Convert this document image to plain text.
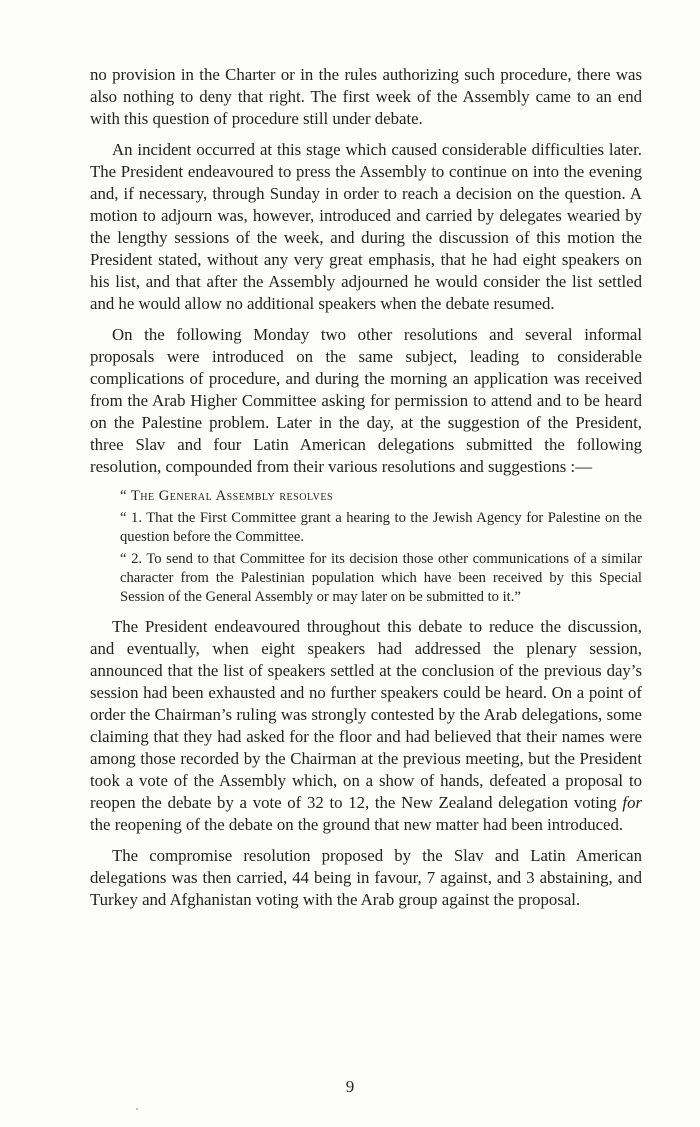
no provision in the Charter or in the rules authorizing such procedure, there was also nothing to deny that right. The first week of the Assembly came to an end with this question of procedure still under debate.

An incident occurred at this stage which caused considerable difficulties later. The President endeavoured to press the Assembly to continue on into the evening and, if necessary, through Sunday in order to reach a decision on the question. A motion to adjourn was, however, introduced and carried by delegates wearied by the lengthy sessions of the week, and during the discussion of this motion the President stated, without any very great emphasis, that he had eight speakers on his list, and that after the Assembly adjourned he would consider the list settled and he would allow no additional speakers when the debate resumed.

On the following Monday two other resolutions and several informal proposals were introduced on the same subject, leading to considerable complications of procedure, and during the morning an application was received from the Arab Higher Committee asking for permission to attend and to be heard on the Palestine problem. Later in the day, at the suggestion of the President, three Slav and four Latin American delegations submitted the following resolution, compounded from their various resolutions and suggestions :—

“ The General Assembly resolves

“ 1. That the First Committee grant a hearing to the Jewish Agency for Palestine on the question before the Committee.

“ 2. To send to that Committee for its decision those other communications of a similar character from the Palestinian population which have been received by this Special Session of the General Assembly or may later on be submitted to it.”

The President endeavoured throughout this debate to reduce the discussion, and eventually, when eight speakers had addressed the plenary session, announced that the list of speakers settled at the conclusion of the previous day’s session had been exhausted and no further speakers could be heard. On a point of order the Chairman’s ruling was strongly contested by the Arab delegations, some claiming that they had asked for the floor and had believed that their names were among those recorded by the Chairman at the previous meeting, but the President took a vote of the Assembly which, on a show of hands, defeated a proposal to reopen the debate by a vote of 32 to 12, the New Zealand delegation voting for the reopening of the debate on the ground that new matter had been introduced.

The compromise resolution proposed by the Slav and Latin American delegations was then carried, 44 being in favour, 7 against, and 3 abstaining, and Turkey and Afghanistan voting with the Arab group against the proposal.

9
